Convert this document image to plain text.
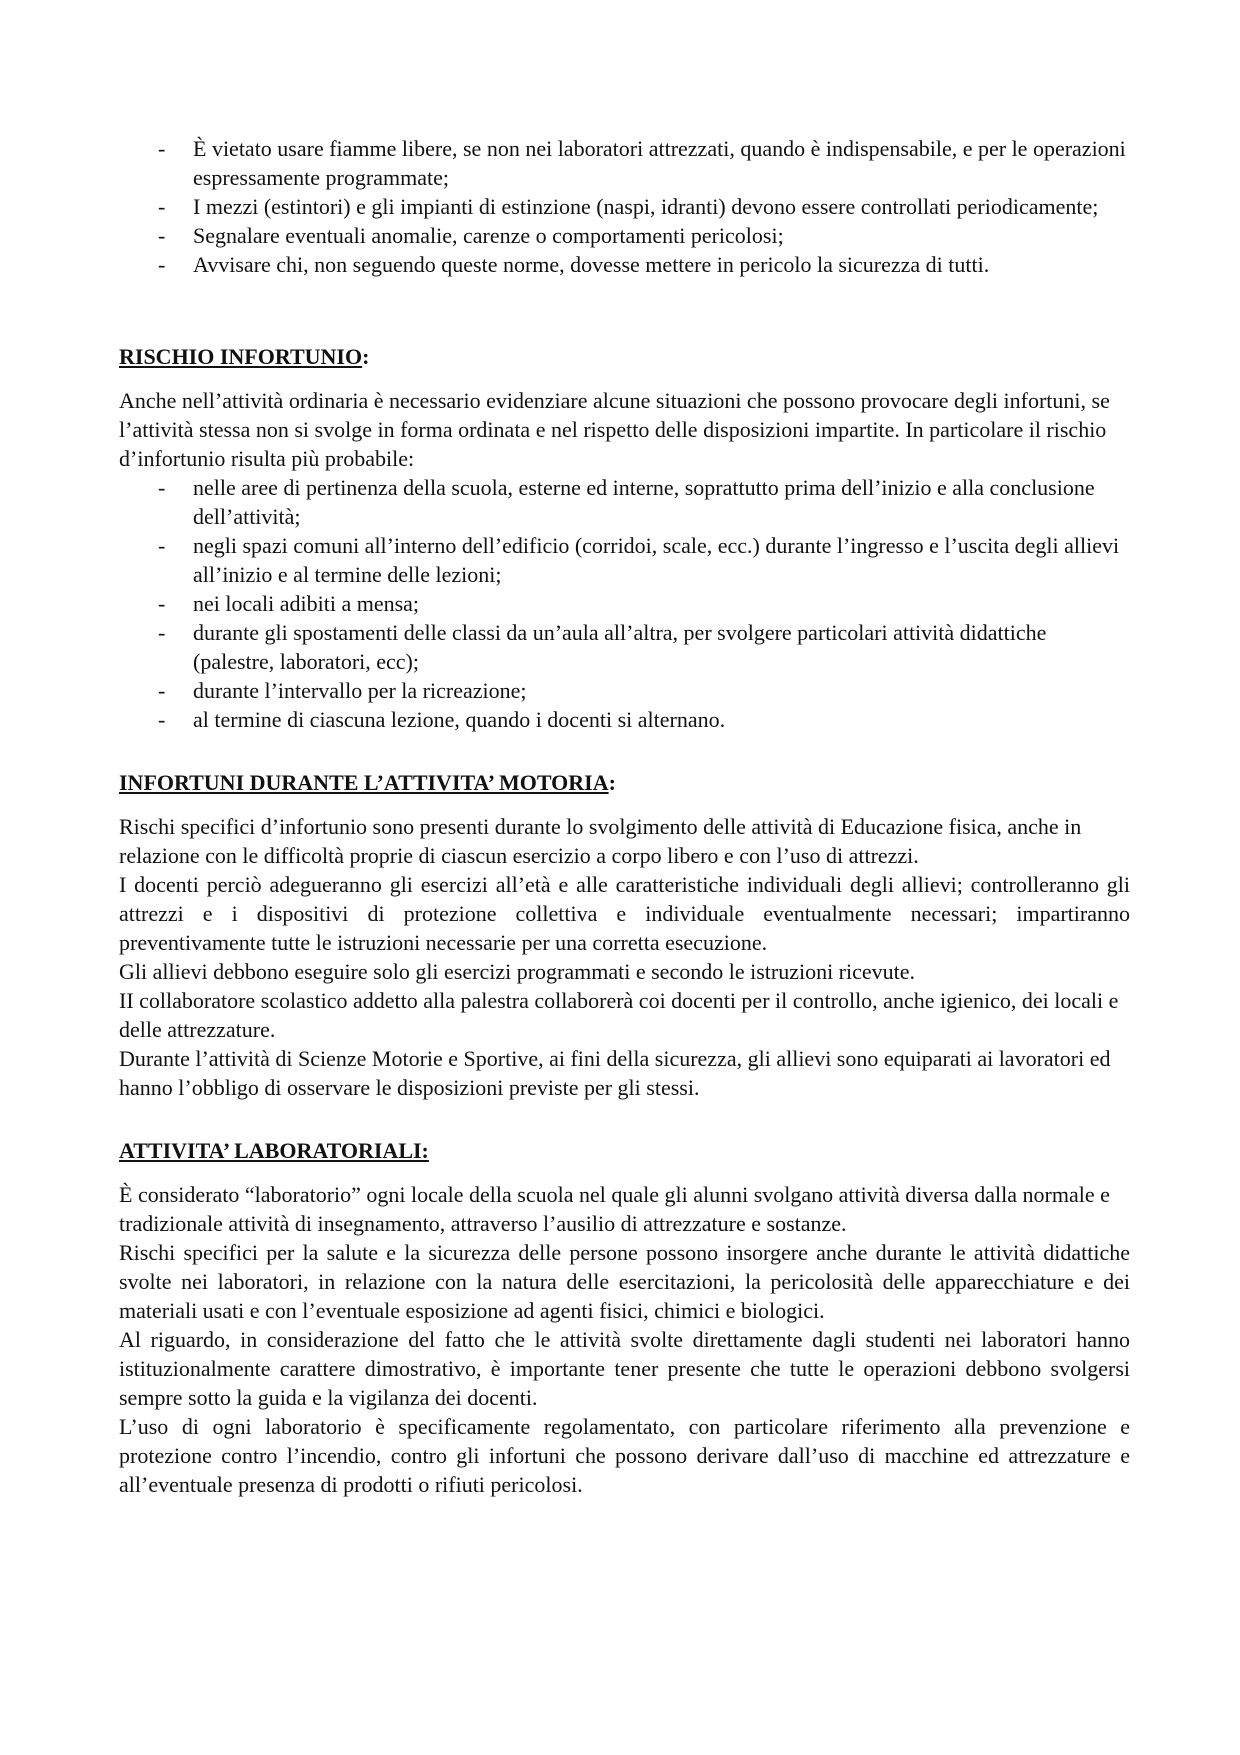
- È vietato usare fiamme libere, se non nei laboratori attrezzati, quando è indispensabile, e per le operazioni espressamente programmate;
- I mezzi (estintori) e gli impianti di estinzione (naspi, idranti) devono essere controllati periodicamente;
- Segnalare eventuali anomalie, carenze o comportamenti pericolosi;
- Avvisare chi, non seguendo queste norme, dovesse mettere in pericolo la sicurezza di tutti.
RISCHIO INFORTUNIO:

Anche nell’attività ordinaria è necessario evidenziare alcune situazioni che possono provocare degli infortuni, se l’attività stessa non si svolge in forma ordinata e nel rispetto delle disposizioni impartite. In particolare il rischio d’infortunio risulta più probabile:

- nelle aree di pertinenza della scuola, esterne ed interne, soprattutto prima dell’inizio e alla conclusione dell’attività;
- negli spazi comuni all’interno dell’edificio (corridoi, scale, ecc.) durante l’ingresso e l’uscita degli allievi all’inizio e al termine delle lezioni;
- nei locali adibiti a mensa;
- durante gli spostamenti delle classi da un’aula all’altra, per svolgere particolari attività didattiche (palestre, laboratori, ecc);
- durante l’intervallo per la ricreazione;
- al termine di ciascuna lezione, quando i docenti si alternano.
INFORTUNI DURANTE L’ATTIVITA’ MOTORIA:

Rischi specifici d’infortunio sono presenti durante lo svolgimento delle attività di Educazione fisica, anche in relazione con le difficoltà proprie di ciascun esercizio a corpo libero e con l’uso di attrezzi.

I docenti perciò adegueranno gli esercizi all’età e alle caratteristiche individuali degli allievi; controlleranno gli attrezzi e i dispositivi di protezione collettiva e individuale eventualmente necessari; impartiranno preventivamente tutte le istruzioni necessarie per una corretta esecuzione.

Gli allievi debbono eseguire solo gli esercizi programmati e secondo le istruzioni ricevute.

II collaboratore scolastico addetto alla palestra collaborerà coi docenti per il controllo, anche igienico, dei locali e delle attrezzature.

Durante l’attività di Scienze Motorie e Sportive, ai fini della sicurezza, gli allievi sono equiparati ai lavoratori ed hanno l’obbligo di osservare le disposizioni previste per gli stessi.

ATTIVITA’ LABORATORIALI:

È considerato “laboratorio” ogni locale della scuola nel quale gli alunni svolgano attività diversa dalla normale e tradizionale attività di insegnamento, attraverso l’ausilio di attrezzature e sostanze.

Rischi specifici per la salute e la sicurezza delle persone possono insorgere anche durante le attività didattiche svolte nei laboratori, in relazione con la natura delle esercitazioni, la pericolosità delle apparecchiature e dei materiali usati e con l’eventuale esposizione ad agenti fisici, chimici e biologici.

Al riguardo, in considerazione del fatto che le attività svolte direttamente dagli studenti nei laboratori hanno istituzionalmente carattere dimostrativo, è importante tener presente che tutte le operazioni debbono svolgersi sempre sotto la guida e la vigilanza dei docenti.

L’uso di ogni laboratorio è specificamente regolamentato, con particolare riferimento alla prevenzione e protezione contro l’incendio, contro gli infortuni che possono derivare dall’uso di macchine ed attrezzature e all’eventuale presenza di prodotti o rifiuti pericolosi.
